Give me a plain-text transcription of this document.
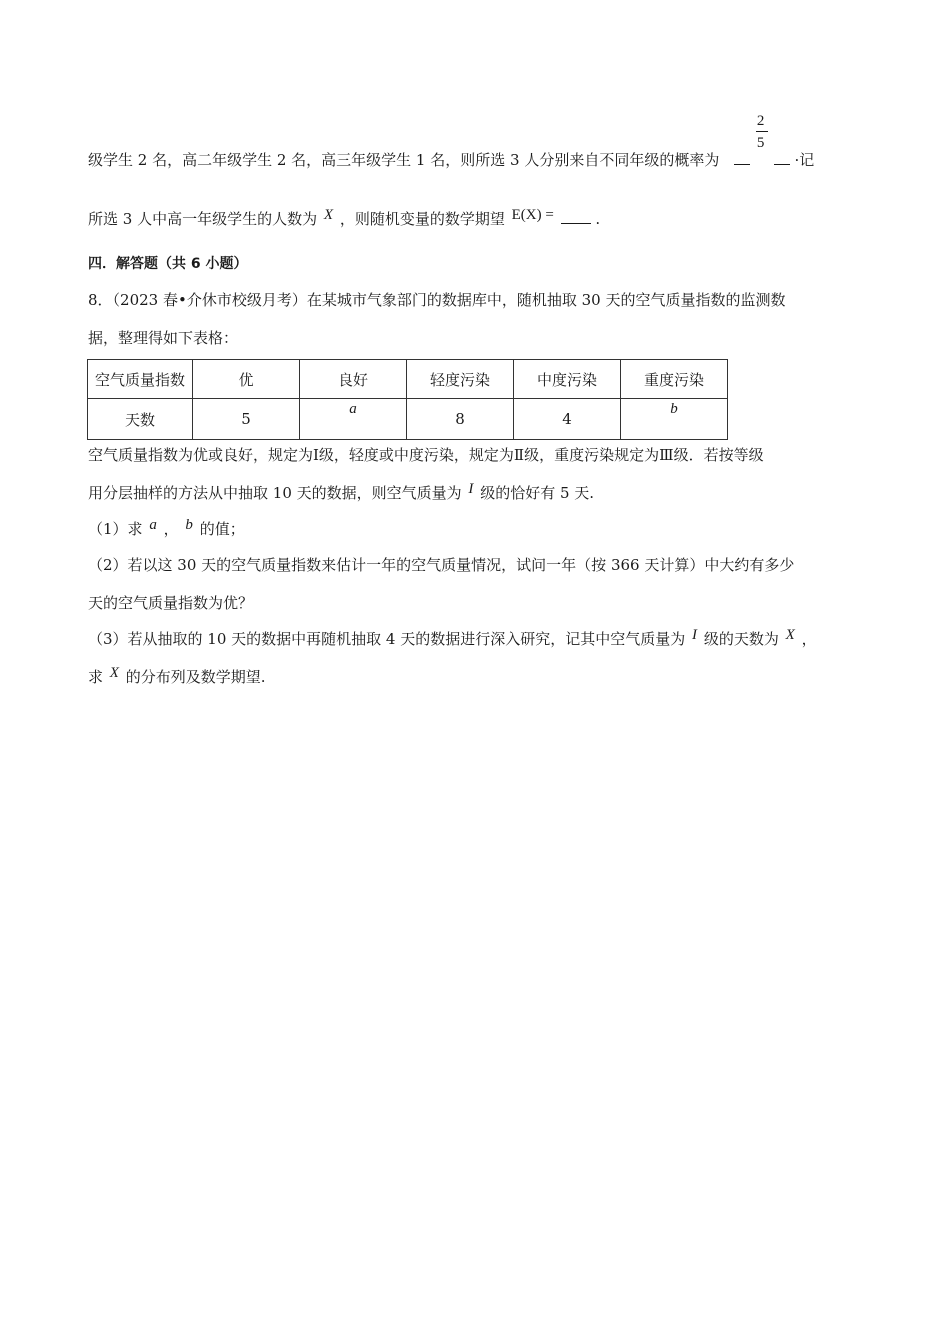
级学生 2 名，高二年级学生 2 名，高三年级学生 1 名，则所选 3 人分别来自不同年级的概率为 $\frac{2}{5}$ ·记
所选 3 人中高一年级学生的人数为 X ，则随机变量的数学期望 E(X) =	.
四．解答题（共 6 小题）
8．（2023 春•介休市校级月考）在某城市气象部门的数据库中，随机抽取 30 天的空气质量指数的监测数
据，整理得如下表格：
空气质量指数	优	良好	轻度污染	中度污染	重度污染
天数	5	a	8	4	b
空气质量指数为优或良好，规定为Ⅰ级，轻度或中度污染，规定为Ⅱ级，重度污染规定为Ⅲ级．若按等级
用分层抽样的方法从中抽取 10 天的数据，则空气质量为 I 级的恰好有 5 天.
（1）求 a ， b 的值；
（2）若以这 30 天的空气质量指数来估计一年的空气质量情况，试问一年（按 366 天计算）中大约有多少
天的空气质量指数为优？
（3）若从抽取的 10 天的数据中再随机抽取 4 天的数据进行深入研究，记其中空气质量为 I 级的天数为 X ，
求 X 的分布列及数学期望.
